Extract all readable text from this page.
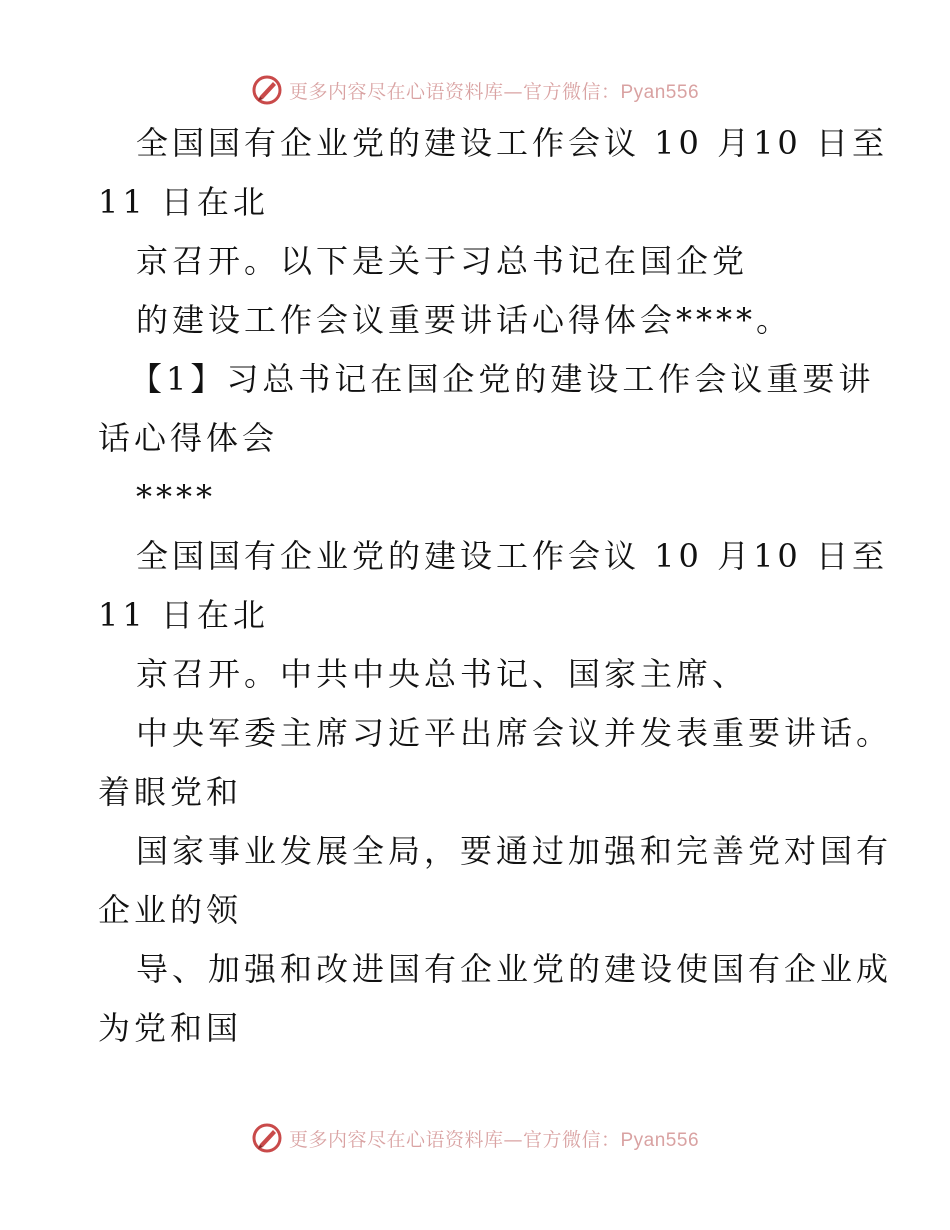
更多内容尽在心语资料库—官方微信：Pyan556
全国国有企业党的建设工作会议 10 月10 日至
11 日在北
京召开。以下是关于习总书记在国企党
的建设工作会议重要讲话心得体会****。
【1】习总书记在国企党的建设工作会议重要讲
话心得体会
****
全国国有企业党的建设工作会议 10 月10 日至
11 日在北
京召开。中共中央总书记、国家主席、
中央军委主席习近平出席会议并发表重要讲话。
着眼党和
国家事业发展全局，要通过加强和完善党对国有
企业的领
导、加强和改进国有企业党的建设使国有企业成
为党和国
更多内容尽在心语资料库—官方微信：Pyan556
